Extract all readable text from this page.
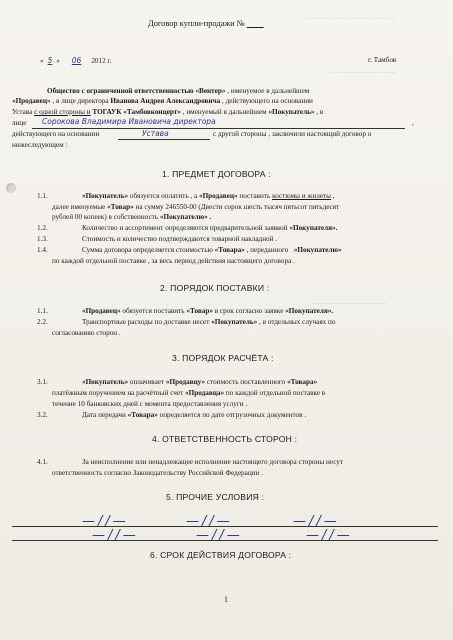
..........................................................
........................................
..............................................
Договор купли-продажи №
« 5 » 06 2012 г.	г. Тамбов
Общество с ограниченной ответственностью «Вентер» , именуемое в дальнейшем
«Продавец» , в лице директора Иванова Андрея Александровича , действующего на основании
Устава с одной стороны и ТОГАУК «Тамбовконцерт» , именуемый в дальнейшем «Покупатель» , в
лице Сорокова Владимира Ивановича директора	,
действующего на основании	Устава	с другой стороны , заключили настоящий договор о
нижеследующем :
1. ПРЕДМЕТ ДОГОВОРА :
1.1.	«Покупатель» обязуется оплатить , а «Продавец» поставить костюмы и жилеты ,
далее именуемые «Товар» на сумму 246550-00 (Двести сорок шесть тысяч пятьсот пятьдесят
рублей 00 копеек) в собственность «Покупателю» .
1.2.	Количество и ассортимент определяются предварительной заявкой «Покупателя».
1.3.	Стоимость и количество подтверждаются товарной накладной .
1.4.	Сумма договора определяется стоимостью «Товара» , переданного «Покупателю»
по каждой отдельной поставке , за весь период действия настоящего договора .
2. ПОРЯДОК ПОСТАВКИ :
1.1.	«Продавец» обязуется поставить «Товар» в срок согласно заявке «Покупателя».
2.2.	Транспортные расходы по доставке несет «Покупатель» , в отдельных случаях по
согласованию сторон .
3. ПОРЯДОК РАСЧЁТА :
3.1.	«Покупатель» оплачивает «Продавцу» стоимость поставленного «Товара»
платёжным поручением на расчётный счет «Продавца» по каждой отдельной поставке в
течение 10 банковских дней с момента предоставления услуги .
3.2.	Дата передачи «Товара» определяется по дате отгрузочных документов .
4. ОТВЕТСТВЕННОСТЬ СТОРОН :
4.1.	За неисполнение или ненадлежащее исполнение настоящего договора стороны несут
ответственность согласно Законодательству Российской Федерации .
5. ПРОЧИЕ УСЛОВИЯ :
—//—	—//—	—//—
—//—	—//—	—//—
6. СРОК ДЕЙСТВИЯ ДОГОВОРА :
1
